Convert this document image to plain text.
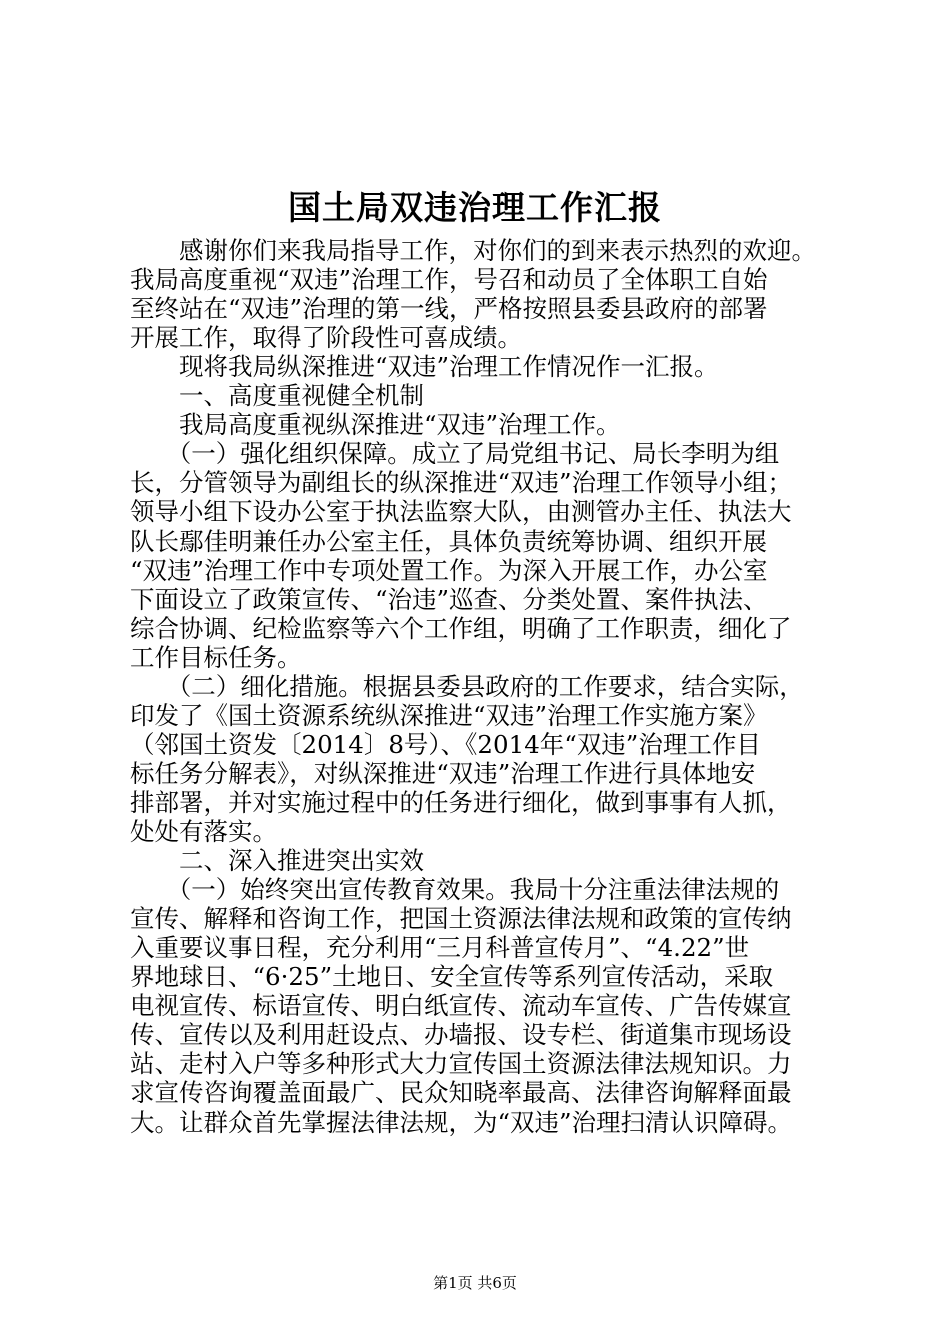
国土局双违治理工作汇报
　　感谢你们来我局指导工作，对你们的到来表示热烈的欢迎。
我局高度重视“双违”治理工作，号召和动员了全体职工自始
至终站在“双违”治理的第一线，严格按照县委县政府的部署
开展工作，取得了阶段性可喜成绩。
　　现将我局纵深推进“双违”治理工作情况作一汇报。
　　一、高度重视健全机制
　　我局高度重视纵深推进“双违”治理工作。
　　（一）强化组织保障。成立了局党组书记、局长李明为组
长，分管领导为副组长的纵深推进“双违”治理工作领导小组；
领导小组下设办公室于执法监察大队，由测管办主任、执法大
队长鄢佳明兼任办公室主任，具体负责统筹协调、组织开展
“双违”治理工作中专项处置工作。为深入开展工作，办公室
下面设立了政策宣传、“治违”巡查、分类处置、案件执法、
综合协调、纪检监察等六个工作组，明确了工作职责，细化了
工作目标任务。
　　（二）细化措施。根据县委县政府的工作要求，结合实际，
印发了《国土资源系统纵深推进“双违”治理工作实施方案》
（邻国土资发〔2014〕8号）、《2014年“双违”治理工作目
标任务分解表》，对纵深推进“双违”治理工作进行具体地安
排部署，并对实施过程中的任务进行细化，做到事事有人抓，
处处有落实。
　　二、深入推进突出实效
　　（一）始终突出宣传教育效果。我局十分注重法律法规的
宣传、解释和咨询工作，把国土资源法律法规和政策的宣传纳
入重要议事日程，充分利用“三月科普宣传月”、“4.22”世
界地球日、“6·25”土地日、安全宣传等系列宣传活动，采取
电视宣传、标语宣传、明白纸宣传、流动车宣传、广告传媒宣
传、宣传以及利用赶设点、办墙报、设专栏、街道集市现场设
站、走村入户等多种形式大力宣传国土资源法律法规知识。力
求宣传咨询覆盖面最广、民众知晓率最高、法律咨询解释面最
大。让群众首先掌握法律法规，为“双违”治理扫清认识障碍。
第1页 共6页
